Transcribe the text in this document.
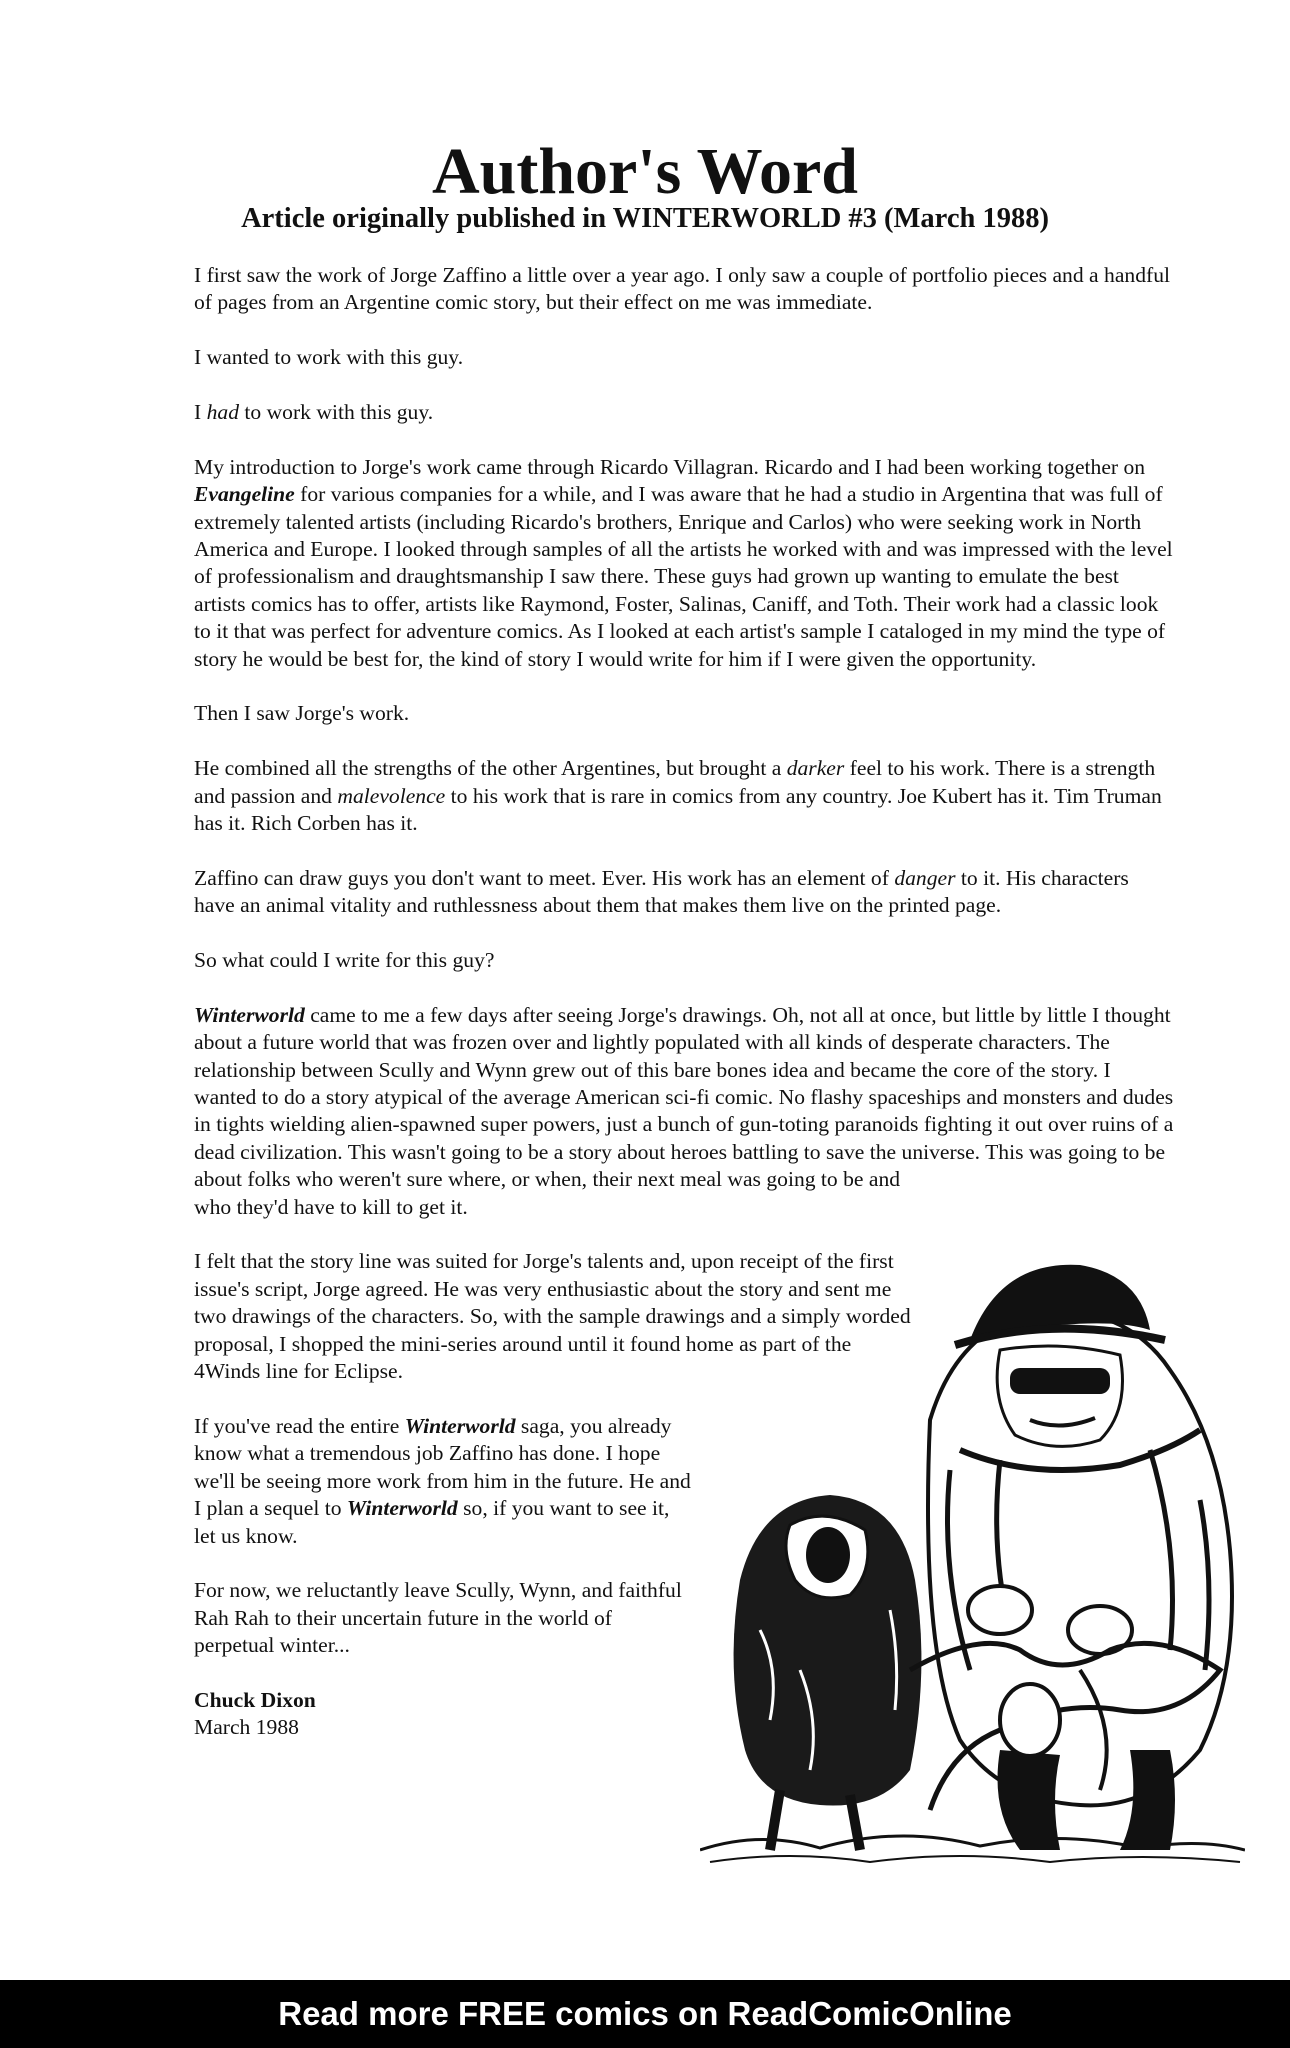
Author's Word
Article originally published in WINTERWORLD #3 (March 1988)

I first saw the work of Jorge Zaffino a little over a year ago. I only saw a couple of portfolio pieces and a handful of pages from an Argentine comic story, but their effect on me was immediate.

I wanted to work with this guy.

I had to work with this guy.

My introduction to Jorge's work came through Ricardo Villagran. Ricardo and I had been working together on Evangeline for various companies for a while, and I was aware that he had a studio in Argentina that was full of extremely talented artists (including Ricardo's brothers, Enrique and Carlos) who were seeking work in North America and Europe. I looked through samples of all the artists he worked with and was impressed with the level of professionalism and draughtsmanship I saw there. These guys had grown up wanting to emulate the best artists comics has to offer, artists like Raymond, Foster, Salinas, Caniff, and Toth. Their work had a classic look to it that was perfect for adventure comics. As I looked at each artist's sample I cataloged in my mind the type of story he would be best for, the kind of story I would write for him if I were given the opportunity.

Then I saw Jorge's work.

He combined all the strengths of the other Argentines, but brought a darker feel to his work. There is a strength and passion and malevolence to his work that is rare in comics from any country. Joe Kubert has it. Tim Truman has it. Rich Corben has it.

Zaffino can draw guys you don't want to meet. Ever. His work has an element of danger to it. His characters have an animal vitality and ruthlessness about them that makes them live on the printed page.

So what could I write for this guy?

Winterworld came to me a few days after seeing Jorge's drawings. Oh, not all at once, but little by little I thought about a future world that was frozen over and lightly populated with all kinds of desperate characters. The relationship between Scully and Wynn grew out of this bare bones idea and became the core of the story. I wanted to do a story atypical of the average American sci-fi comic. No flashy spaceships and monsters and dudes in tights wielding alien-spawned super powers, just a bunch of gun-toting paranoids fighting it out over ruins of a dead civilization. This wasn't going to be a story about heroes battling to save the universe. This was going to be about folks who weren't sure where, or when, their next meal was going to be and
who they'd have to kill to get it.

I felt that the story line was suited for Jorge's talents and, upon receipt of the first issue's script, Jorge agreed. He was very enthusiastic about the story and sent me two drawings of the characters. So, with the sample drawings and a simply worded proposal, I shopped the mini-series around until it found home as part of the 4Winds line for Eclipse.

If you've read the entire Winterworld saga, you already know what a tremendous job Zaffino has done. I hope we'll be seeing more work from him in the future. He and I plan a sequel to Winterworld so, if you want to see it, let us know.

For now, we reluctantly leave Scully, Wynn, and faithful Rah Rah to their uncertain future in the world of perpetual winter...

Chuck Dixon
March 1988

Read more FREE comics on ReadComicOnline
